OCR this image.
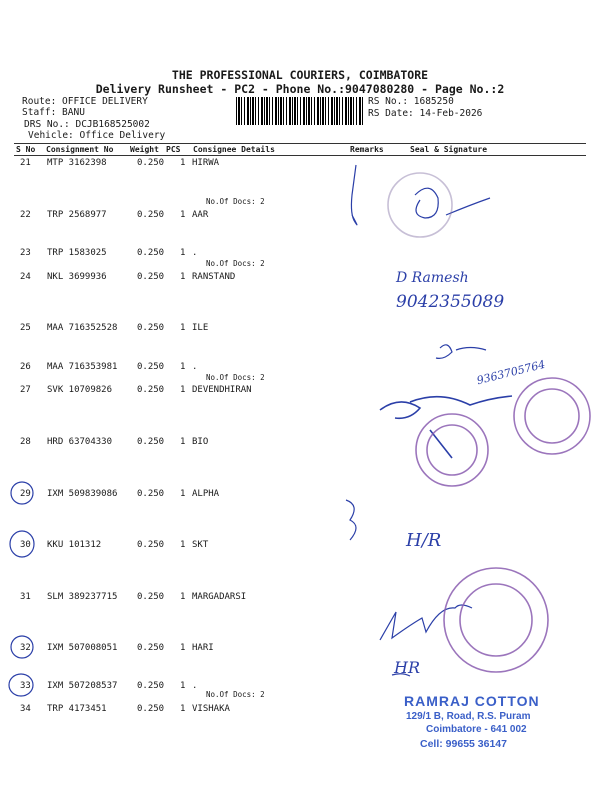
THE PROFESSIONAL COURIERS, COIMBATORE
Delivery Runsheet - PC2 - Phone No.:9047080280 - Page No.:2
Route: OFFICE DELIVERY
Staff: BANU
DRS No.: DCJB168525002
Vehicle: Office Delivery
RS No.: 1685250
RS Date: 14-Feb-2026
S No Consignment No Weight PCS Consignee Details	Remarks	Seal & Signature
21 MTP 3162398	0.250 1 HIRWA
No.Of Docs: 2
22 TRP 2568977	0.250 1 AAR
23 TRP 1583025	0.250 1 .
No.Of Docs: 2
24 NKL 3699936	0.250 1 RANSTAND
25 MAA 716352528 0.250 1 ILE
26 MAA 716353981 0.250 1 .
No.Of Docs: 2
27 SVK 10709826	0.250 1 DEVENDHIRAN
28 HRD 63704330	0.250 1 BIO
29 IXM 509839086 0.250 1 ALPHA
30 KKU 101312	0.250 1 SKT
31 SLM 389237715 0.250 1 MARGADARSI
32 IXM 507008051 0.250 1 HARI
33 IXM 507208537 0.250 1 .
No.Of Docs: 2
34 TRP 4173451	0.250 1 VISHAKA
D Ramesh
9042355089
9363705764
H/R
HR
RAMRAJ COTTON
129/1 B, Road, R.S. Puram
Coimbatore - 641 002
Cell: 99655 36147
